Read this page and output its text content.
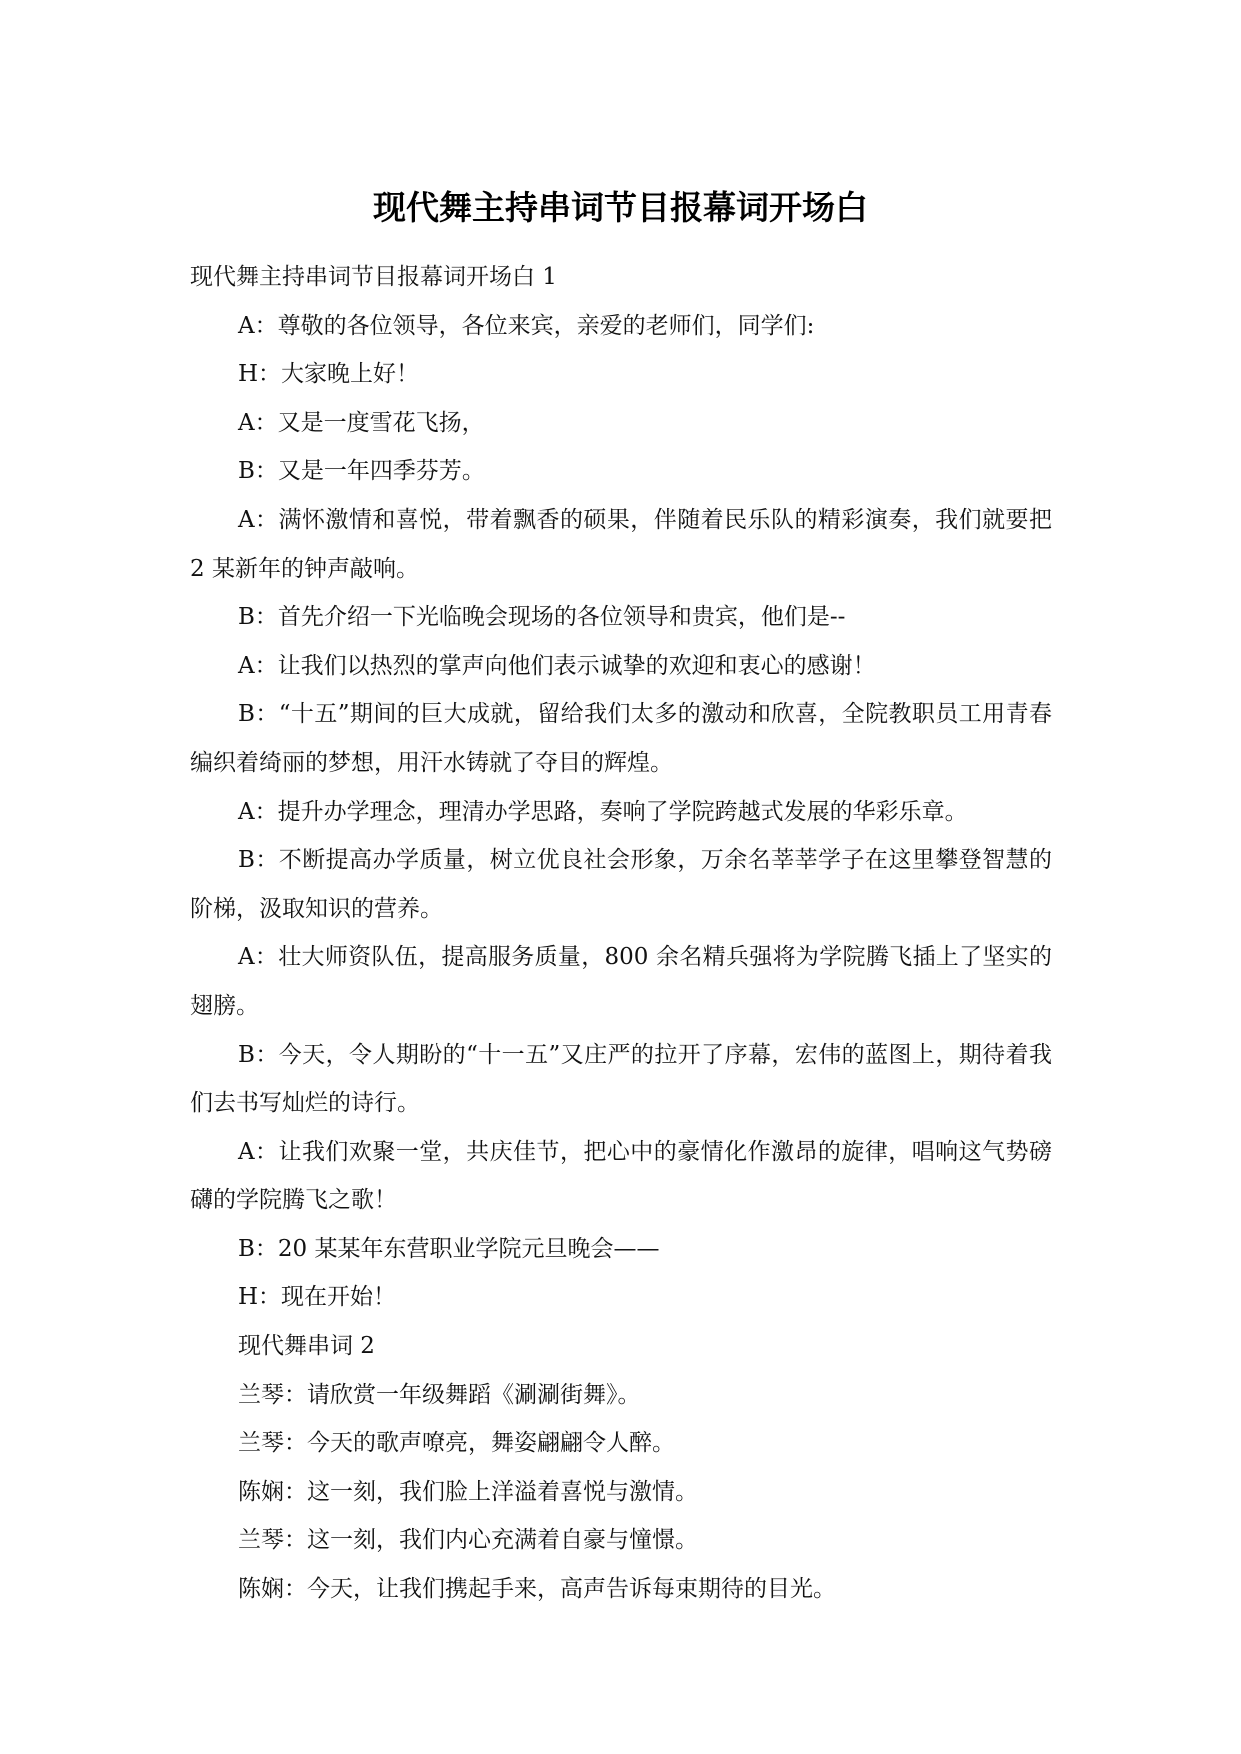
现代舞主持串词节目报幕词开场白

现代舞主持串词节目报幕词开场白 1

A：尊敬的各位领导，各位来宾，亲爱的老师们，同学们:

H：大家晚上好！

A：又是一度雪花飞扬，

B：又是一年四季芬芳。

A：满怀激情和喜悦，带着飘香的硕果，伴随着民乐队的精彩演奏，我们就要把 2 某新年的钟声敲响。

B：首先介绍一下光临晚会现场的各位领导和贵宾，他们是--

A：让我们以热烈的掌声向他们表示诚挚的欢迎和衷心的感谢！

B：“十五”期间的巨大成就，留给我们太多的激动和欣喜，全院教职员工用青春编织着绮丽的梦想，用汗水铸就了夺目的辉煌。

A：提升办学理念，理清办学思路，奏响了学院跨越式发展的华彩乐章。

B：不断提高办学质量，树立优良社会形象，万余名莘莘学子在这里攀登智慧的阶梯，汲取知识的营养。

A：壮大师资队伍，提高服务质量，800 余名精兵强将为学院腾飞插上了坚实的翅膀。

B：今天，令人期盼的“十一五”又庄严的拉开了序幕，宏伟的蓝图上，期待着我们去书写灿烂的诗行。

A：让我们欢聚一堂，共庆佳节，把心中的豪情化作激昂的旋律，唱响这气势磅礴的学院腾飞之歌！

B：20 某某年东营职业学院元旦晚会——

H：现在开始！

现代舞串词 2

兰琴：请欣赏一年级舞蹈《涮涮街舞》。

兰琴：今天的歌声嘹亮，舞姿翩翩令人醉。

陈娴：这一刻，我们脸上洋溢着喜悦与激情。

兰琴：这一刻，我们内心充满着自豪与憧憬。

陈娴：今天，让我们携起手来，高声告诉每束期待的目光。
